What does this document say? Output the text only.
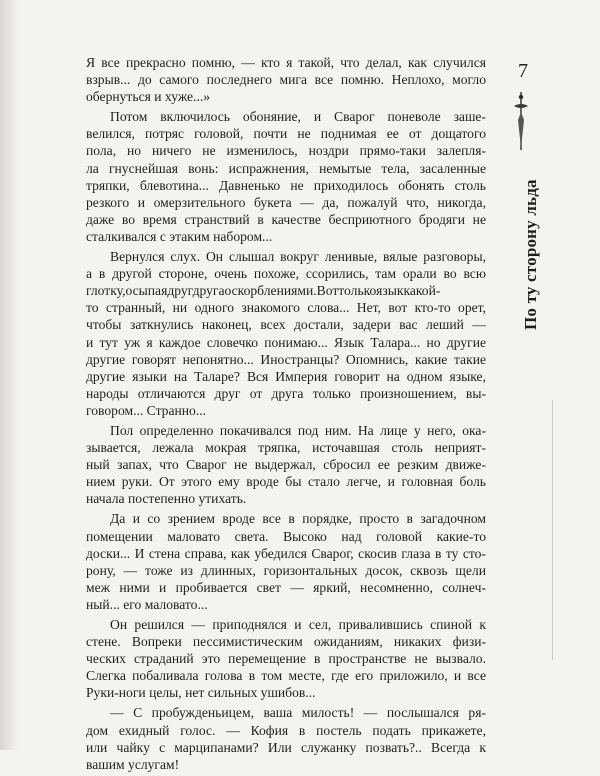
Я все прекрасно помню, — кто я такой, что делал, как случился
взрыв... до самого последнего мига все помню. Неплохо, могло
обернуться и хуже...»
Потом включилось обоняние, и Сварог поневоле заше-
велился, потряс головой, почти не поднимая ее от дощатого
пола, но ничего не изменилось, ноздри прямо-таки залепля-
ла гнуснейшая вонь: испражнения, немытые тела, засаленные
тряпки, блевотина... Давненько не приходилось обонять столь
резкого и омерзительного букета — да, пожалуй что, никогда,
даже во время странствий в качестве бесприютного бродяги не
сталкивался с этаким набором...
Вернулся слух. Он слышал вокруг ленивые, вялые разговоры,
а в другой стороне, очень похоже, ссорились, там орали во всю
глотку,осыпаядругдругаоскорблениями.Воттолькоязыккакой-
то странный, ни одного знакомого слова... Нет, вот кто-то орет,
чтобы заткнулись наконец, всех достали, задери вас леший —
и тут уж я каждое словечко понимаю... Язык Талара... но другие
другие говорят непонятно... Иностранцы? Опомнись, какие такие
другие языки на Таларе? Вся Империя говорит на одном языке,
народы отличаются друг от друга только произношением, вы-
говором... Странно...
Пол определенно покачивался под ним. На лице у него, ока-
зывается, лежала мокрая тряпка, источавшая столь неприят-
ный запах, что Сварог не выдержал, сбросил ее резким движе-
нием руки. От этого ему вроде бы стало легче, и головная боль
начала постепенно утихать.
Да и со зрением вроде все в порядке, просто в загадочном
помещении маловато света. Высоко над головой какие-то
доски... И стена справа, как убедился Сварог, скосив глаза в ту сто-
рону, — тоже из длинных, горизонтальных досок, сквозь щели
меж ними и пробивается свет — яркий, несомненно, солнеч-
ный... его маловато...
Он решился — приподнялся и сел, привалившись спиной к
стене. Вопреки пессимистическим ожиданиям, никаких физи-
ческих страданий это перемещение в пространстве не вызвало.
Слегка побаливала голова в том месте, где его приложило, и все
Руки-ноги целы, нет сильных ушибов...
— С пробужденьицем, ваша милость! — послышался ря-
дом ехидный голос. — Кофия в постель подать прикажете,
или чайку с марципанами? Или служанку позвать?.. Всегда к
вашим услугам!
7
По ту сторону льда
